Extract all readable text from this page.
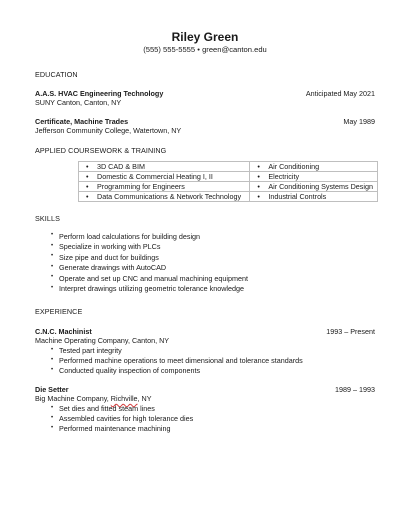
Riley Green
(555) 555-5555 • green@canton.edu
EDUCATION
A.A.S. HVAC Engineering Technology	Anticipated May 2021
SUNY Canton, Canton, NY
Certificate, Machine Trades	May 1989
Jefferson Community College, Watertown, NY
APPLIED COURSEWORK & TRAINING
• 3D CAD & BIM	• Air Conditioning
• Domestic & Commercial Heating I, II	• Electricity
• Programming for Engineers	• Air Conditioning Systems Design
• Data Communications & Network Technology	• Industrial Controls
SKILLS
• Perform load calculations for building design
• Specialize in working with PLCs
• Size pipe and duct for buildings
• Generate drawings with AutoCAD
• Operate and set up CNC and manual machining equipment
• Interpret drawings utilizing geometric tolerance knowledge
EXPERIENCE
C.N.C. Machinist	1993 – Present
Machine Operating Company, Canton, NY
• Tested part integrity
• Performed machine operations to meet dimensional and tolerance standards
• Conducted quality inspection of components
Die Setter	1989 – 1993
Big Machine Company, Richville, NY
• Set dies and fitted steam lines
• Assembled cavities for high tolerance dies
• Performed maintenance machining
